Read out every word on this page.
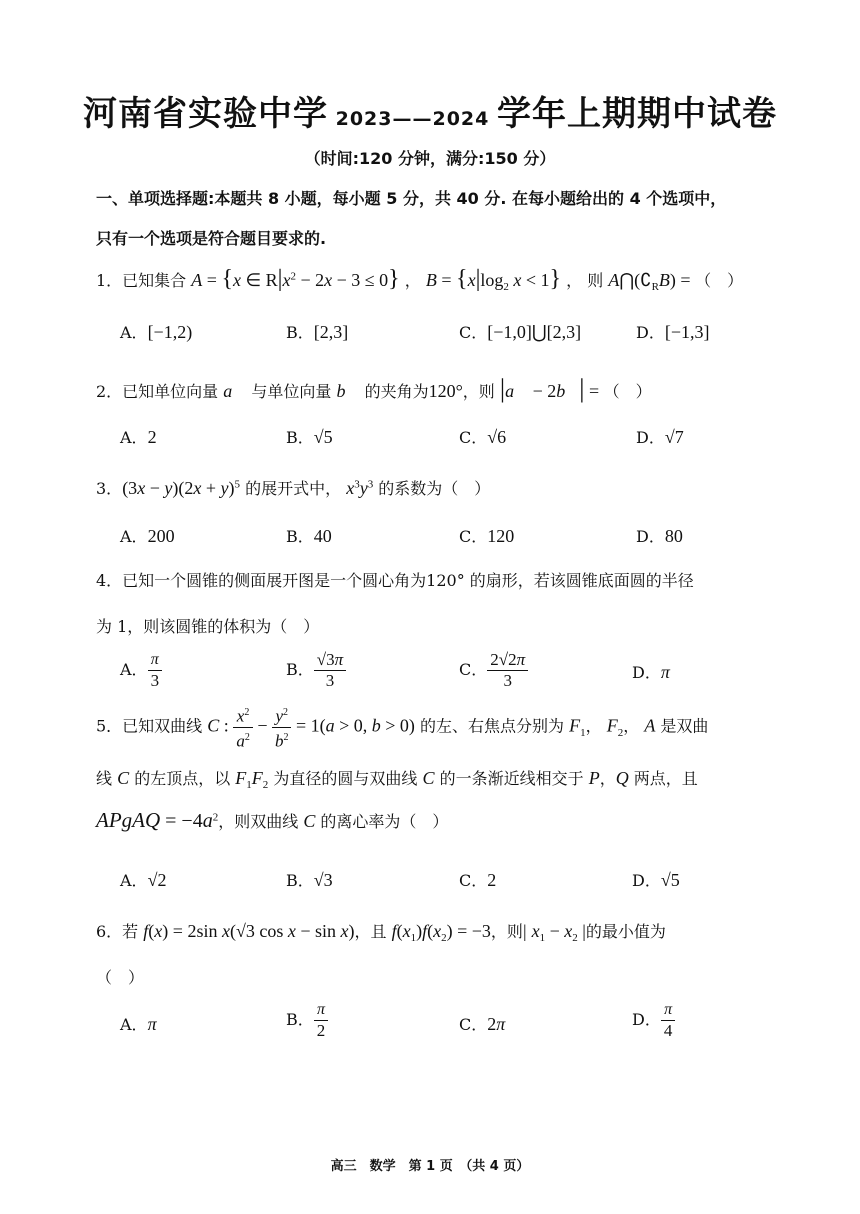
河南省实验中学 2023——2024 学年上期期中试卷
（时间:120 分钟，满分:150 分）
一、单项选择题:本题共 8 小题，每小题 5 分，共 40 分. 在每小题给出的 4 个选项中，
只有一个选项是符合题目要求的.
1．已知集合 A = {x ∈ $R|x^2 - 2x - 3 \le 0$} ， $B = \{x|\log_2$ x < 1} ， 则 $A⋂(∁_RB)$ = （　）
A．[−1,2)	B．[2,3]	C．[−1,0]⋃[2,3]	D．[−1,3]
2．已知单位向量 a⃗ 与单位向量 b⃗ 的夹角为120°，则 |a⃗ − 2b⃗| = （　）
A．2	B．√5	C．√6	D．√7
3．$(3x - y)(2x + y)^5$ 的展开式中， $x^3y^3$ 的系数为（　）
A．200	B．40	C．120	D．80
4．已知一个圆锥的侧面展开图是一个圆心角为120° 的扇形，若该圆锥底面圆的半径
为 1，则该圆锥的体积为（　）
A． $\frac{\pi}{3}$	B． $\frac{√3\pi}{3}$	C． $\frac{2√2\pi}{3}$	D．π
5．已知双曲线 C : $\frac{x^2}{a^2} - \frac{y^2}{b^2} = 1(a > 0$, b > 0) 的左、右焦点分别为 $F_1$， $F_2$， A 是双曲
线 C 的左顶点，以 $F_1F_2$ 为直径的圆与双曲线 C 的一条渐近线相交于 P，Q 两点，且
APgAQ = $-4a^2$，则双曲线 C 的离心率为（　）
A．√2	B．√3	C．2	D．√5
6．若 f(x) = 2sin x(√3 cos x − sin x)，且 $f(x_1)f(x_2) = -3$，则| $x_1 - x_2$ |的最小值为
（　）
A．π	B． $\frac{\pi}{2}$	C．2π	D． $\frac{\pi}{4}$
高三　数学　第 1 页　（共 4 页）
